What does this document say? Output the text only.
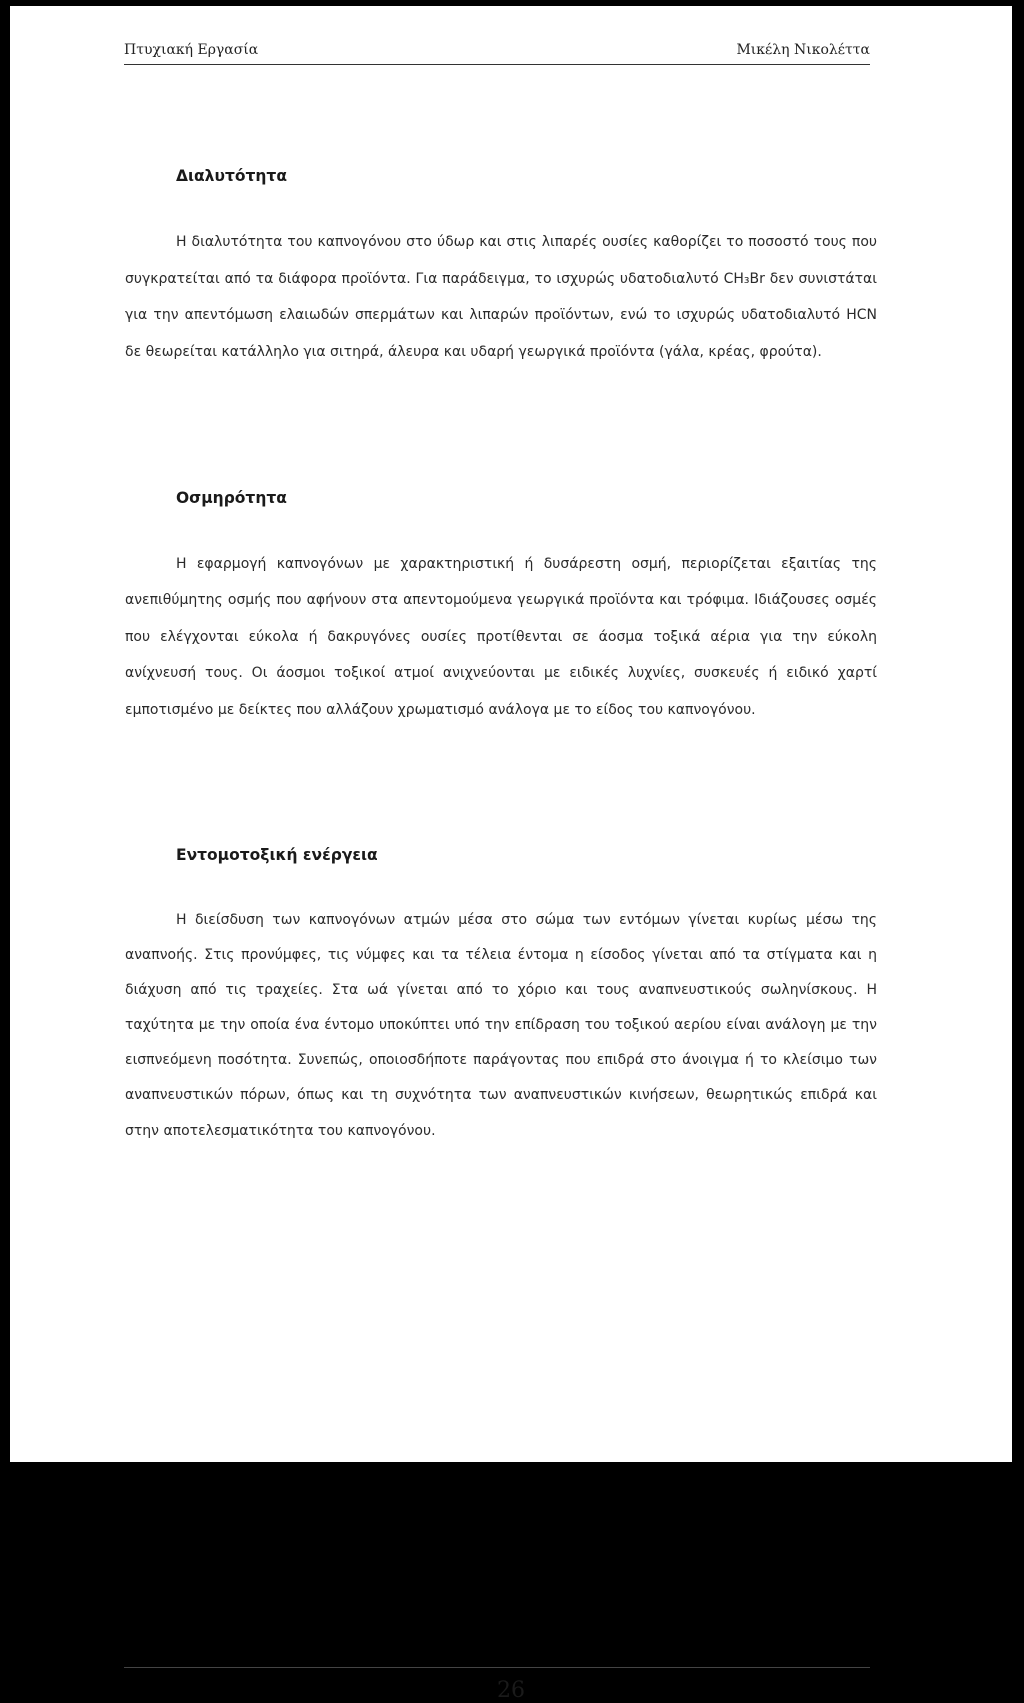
Πτυχιακή Εργασία	Μικέλη Νικολέττα
Διαλυτότητα

Η διαλυτότητα του καπνογόνου στο ύδωρ και στις λιπαρές ουσίες καθορίζει το ποσοστό τους που συγκρατείται από τα διάφορα προϊόντα. Για παράδειγμα, το ισχυρώς υδατοδιαλυτό CH₃Br δεν συνιστάται για την απεντόμωση ελαιωδών σπερμάτων και λιπαρών προϊόντων, ενώ το ισχυρώς υδατοδιαλυτό HCN δε θεωρείται κατάλληλο για σιτηρά, άλευρα και υδαρή γεωργικά προϊόντα (γάλα, κρέας, φρούτα).

Οσμηρότητα

Η εφαρμογή καπνογόνων με χαρακτηριστική ή δυσάρεστη οσμή, περιορίζεται εξαιτίας της ανεπιθύμητης οσμής που αφήνουν στα απεντομούμενα γεωργικά προϊόντα και τρόφιμα. Ιδιάζουσες οσμές που ελέγχονται εύκολα ή δακρυγόνες ουσίες προτίθενται σε άοσμα τοξικά αέρια για την εύκολη ανίχνευσή τους. Οι άοσμοι τοξικοί ατμοί ανιχνεύονται με ειδικές λυχνίες, συσκευές ή ειδικό χαρτί εμποτισμένο με δείκτες που αλλάζουν χρωματισμό ανάλογα με το είδος του καπνογόνου.

Εντομοτοξική ενέργεια

Η διείσδυση των καπνογόνων ατμών μέσα στο σώμα των εντόμων γίνεται κυρίως μέσω της αναπνοής. Στις προνύμφες, τις νύμφες και τα τέλεια έντομα η είσοδος γίνεται από τα στίγματα και η διάχυση από τις τραχείες. Στα ωά γίνεται από το χόριο και τους αναπνευστικούς σωληνίσκους. Η ταχύτητα με την οποία ένα έντομο υποκύπτει υπό την επίδραση του τοξικού αερίου είναι ανάλογη με την εισπνεόμενη ποσότητα. Συνεπώς, οποιοσδήποτε παράγοντας που επιδρά στο άνοιγμα ή το κλείσιμο των αναπνευστικών πόρων, όπως και τη συχνότητα των αναπνευστικών κινήσεων, θεωρητικώς επιδρά και στην αποτελεσματικότητα του καπνογόνου.

26
